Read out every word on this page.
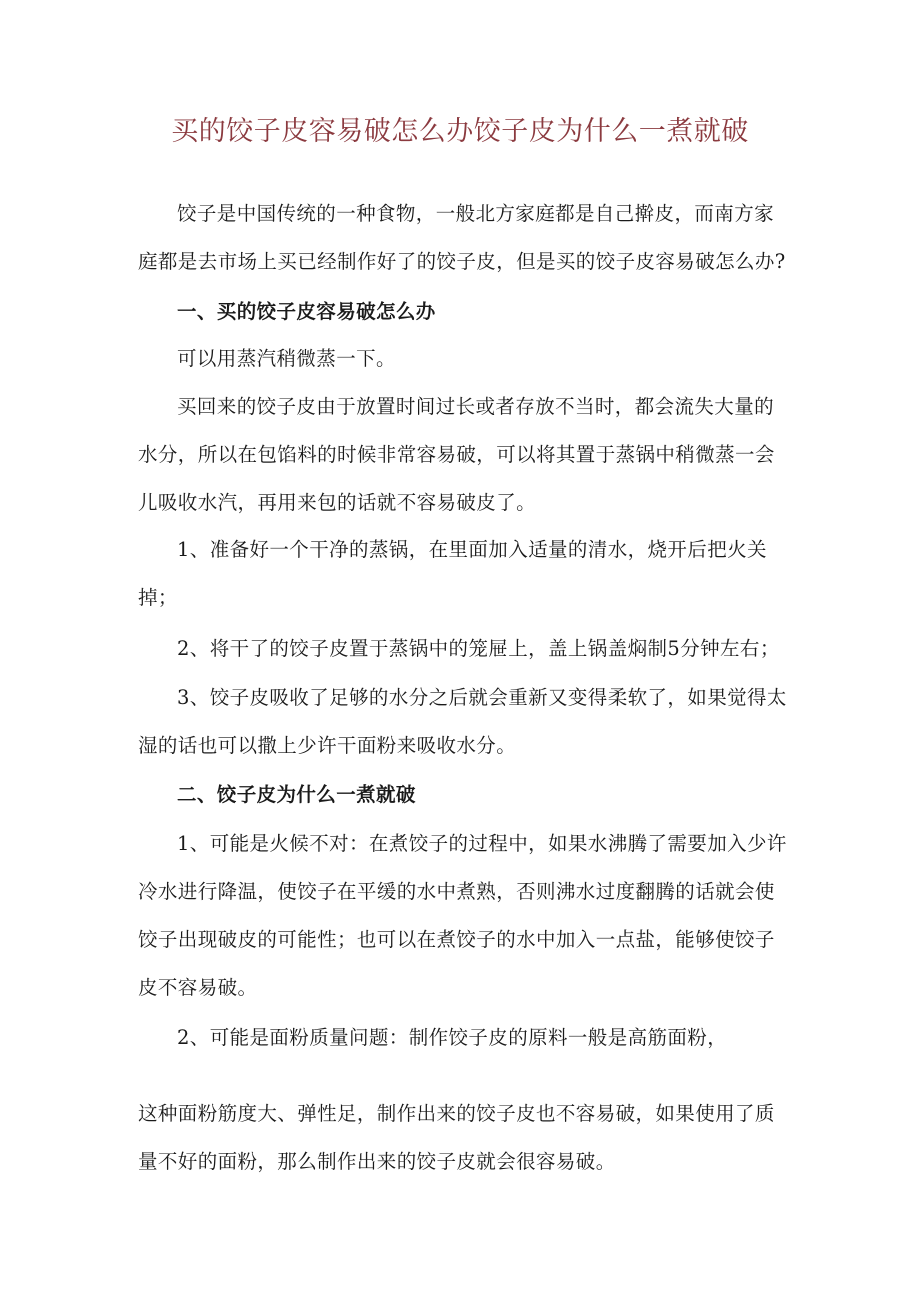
买的饺子皮容易破怎么办饺子皮为什么一煮就破

饺子是中国传统的一种食物，一般北方家庭都是自己擀皮，而南方家庭都是去市场上买已经制作好了的饺子皮，但是买的饺子皮容易破怎么办?

一、买的饺子皮容易破怎么办

可以用蒸汽稍微蒸一下。

买回来的饺子皮由于放置时间过长或者存放不当时，都会流失大量的水分，所以在包馅料的时候非常容易破，可以将其置于蒸锅中稍微蒸一会儿吸收水汽，再用来包的话就不容易破皮了。

1、准备好一个干净的蒸锅，在里面加入适量的清水，烧开后把火关掉；

2、将干了的饺子皮置于蒸锅中的笼屉上，盖上锅盖焖制5分钟左右；

3、饺子皮吸收了足够的水分之后就会重新又变得柔软了，如果觉得太湿的话也可以撒上少许干面粉来吸收水分。

二、饺子皮为什么一煮就破

1、可能是火候不对：在煮饺子的过程中，如果水沸腾了需要加入少许冷水进行降温，使饺子在平缓的水中煮熟，否则沸水过度翻腾的话就会使饺子出现破皮的可能性；也可以在煮饺子的水中加入一点盐，能够使饺子皮不容易破。

2、可能是面粉质量问题：制作饺子皮的原料一般是高筋面粉，

这种面粉筋度大、弹性足，制作出来的饺子皮也不容易破，如果使用了质量不好的面粉，那么制作出来的饺子皮就会很容易破。
